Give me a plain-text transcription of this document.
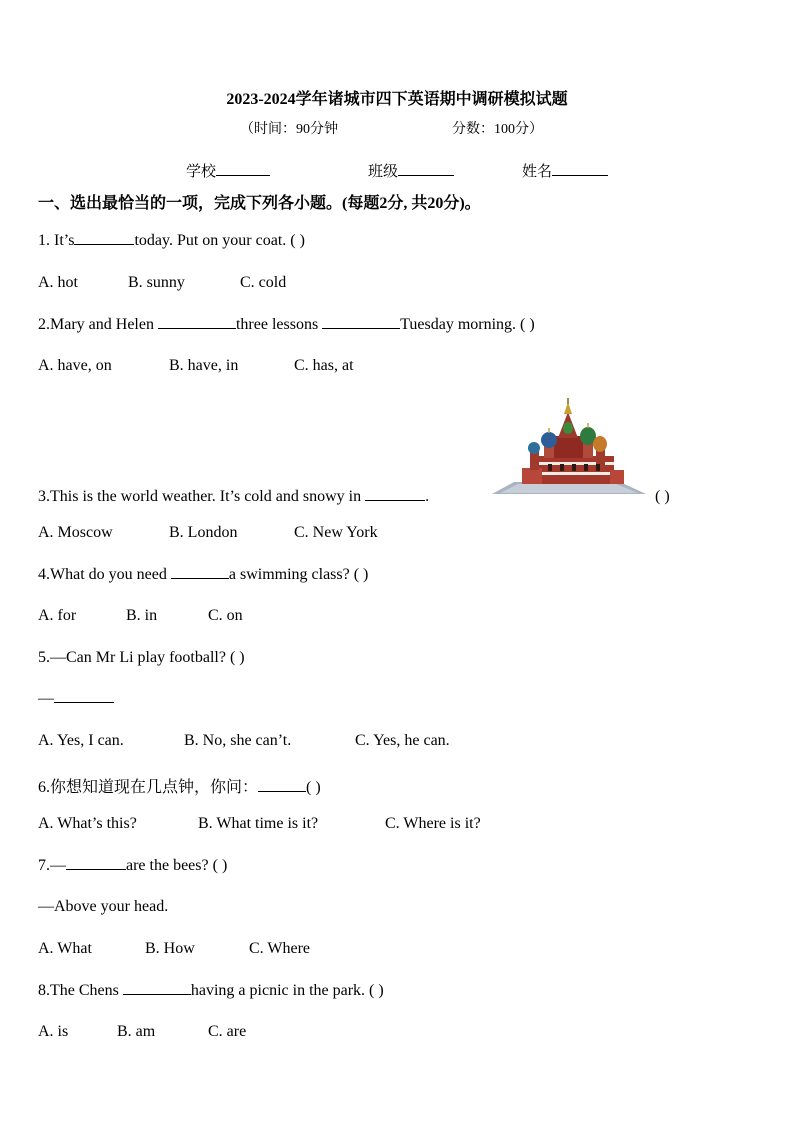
2023-2024学年诸城市四下英语期中调研模拟试题
（时间：90分钟	分数：100分）
学校	班级	姓名
一、选出最恰当的一项，完成下列各小题。(每题2分, 共20分)。
1. It’s	today. Put on your coat. ( )
A. hot	B. sunny	C. cold
2.Mary and Helen	three lessons	Tuesday morning. ( )
A. have, on	B. have, in	C. has, at
3.This is the world weather. It’s cold and snowy in	.	( )
A. Moscow	B. London	C. New York
4.What do you need	a swimming class? ( )
A. for	B. in	C. on
5.—Can Mr Li play football? ( )
—
A. Yes, I can.	B. No, she can’t.	C. Yes, he can.
6.你想知道现在几点钟，你问：	( )
A. What’s this?	B. What time is it?	C. Where is it?
7.—	are the bees? ( )
—Above your head.
A. What	B. How	C. Where
8.The Chens	having a picnic in the park. ( )
A. is	B. am	C. are
